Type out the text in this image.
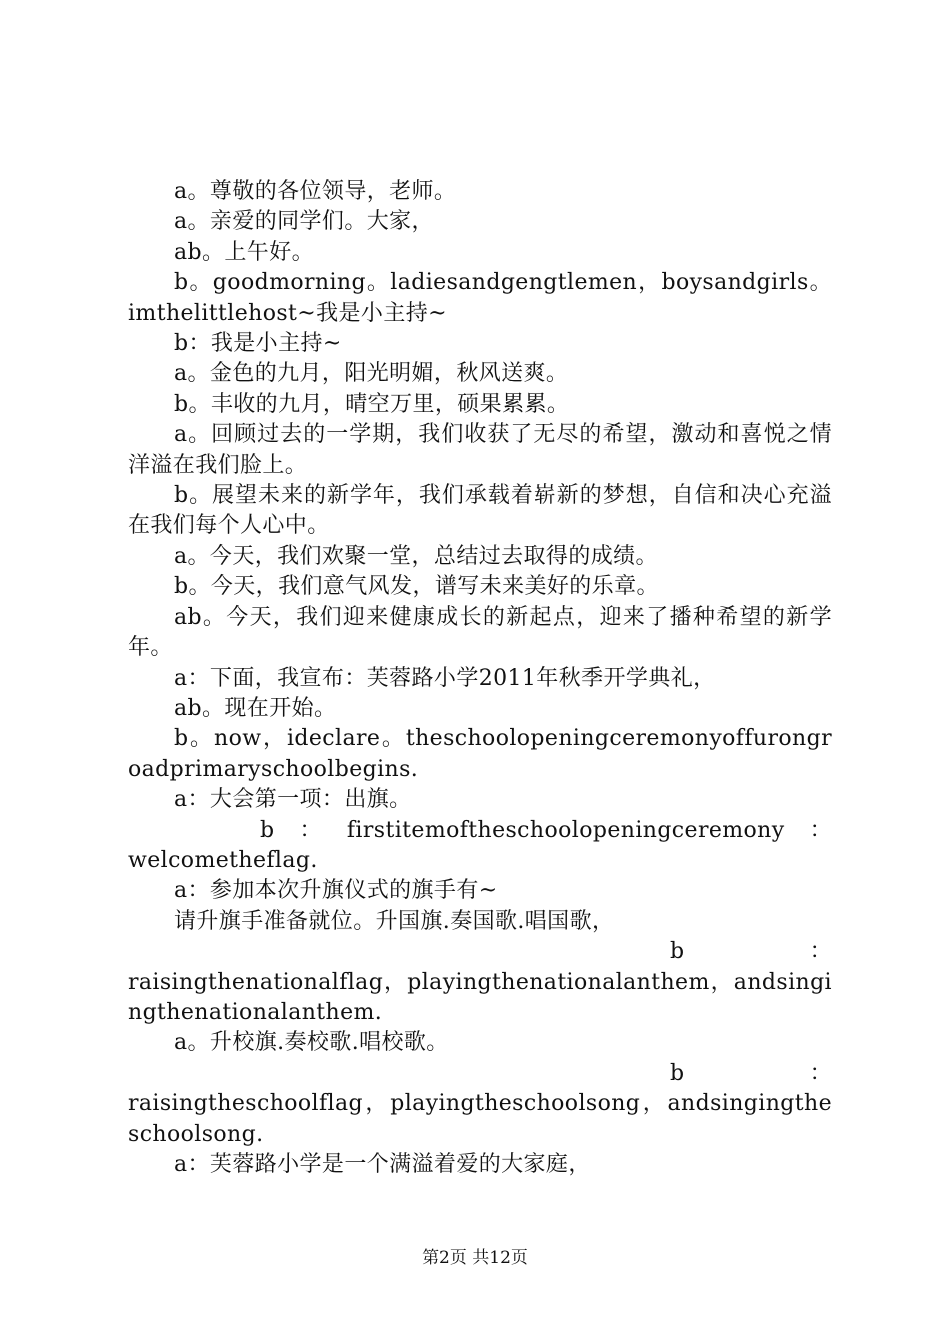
a。尊敬的各位领导，老师。

a。亲爱的同学们。大家，

ab。上午好。

b。goodmorning。ladiesandgengtlemen，boysandgirls。imthelittlehost~我是小主持~

b：我是小主持~

a。金色的九月，阳光明媚，秋风送爽。

b。丰收的九月，晴空万里，硕果累累。

a。回顾过去的一学期，我们收获了无尽的希望，激动和喜悦之情洋溢在我们脸上。

b。展望未来的新学年，我们承载着崭新的梦想，自信和决心充溢在我们每个人心中。

a。今天，我们欢聚一堂，总结过去取得的成绩。

b。今天，我们意气风发，谱写未来美好的乐章。

ab。今天，我们迎来健康成长的新起点，迎来了播种希望的新学年。

a：下面，我宣布：芙蓉路小学2011年秋季开学典礼，

ab。现在开始。

b。now，ideclare。theschoolopeningceremonyoffurongroadprimaryschoolbegins.

a：大会第一项：出旗。

b ： firstitemoftheschoolopeningceremony ：
welcometheflag.

a：参加本次升旗仪式的旗手有~

请升旗手准备就位。升国旗.奏国歌.唱国歌，

b	：
raisingthenationalflag，playingthenationalanthem，andsingingthenationalanthem.

a。升校旗.奏校歌.唱校歌。

b	：
raisingtheschoolflag，playingtheschoolsong，andsingingtheschoolsong.

a：芙蓉路小学是一个满溢着爱的大家庭，

第2页 共12页
